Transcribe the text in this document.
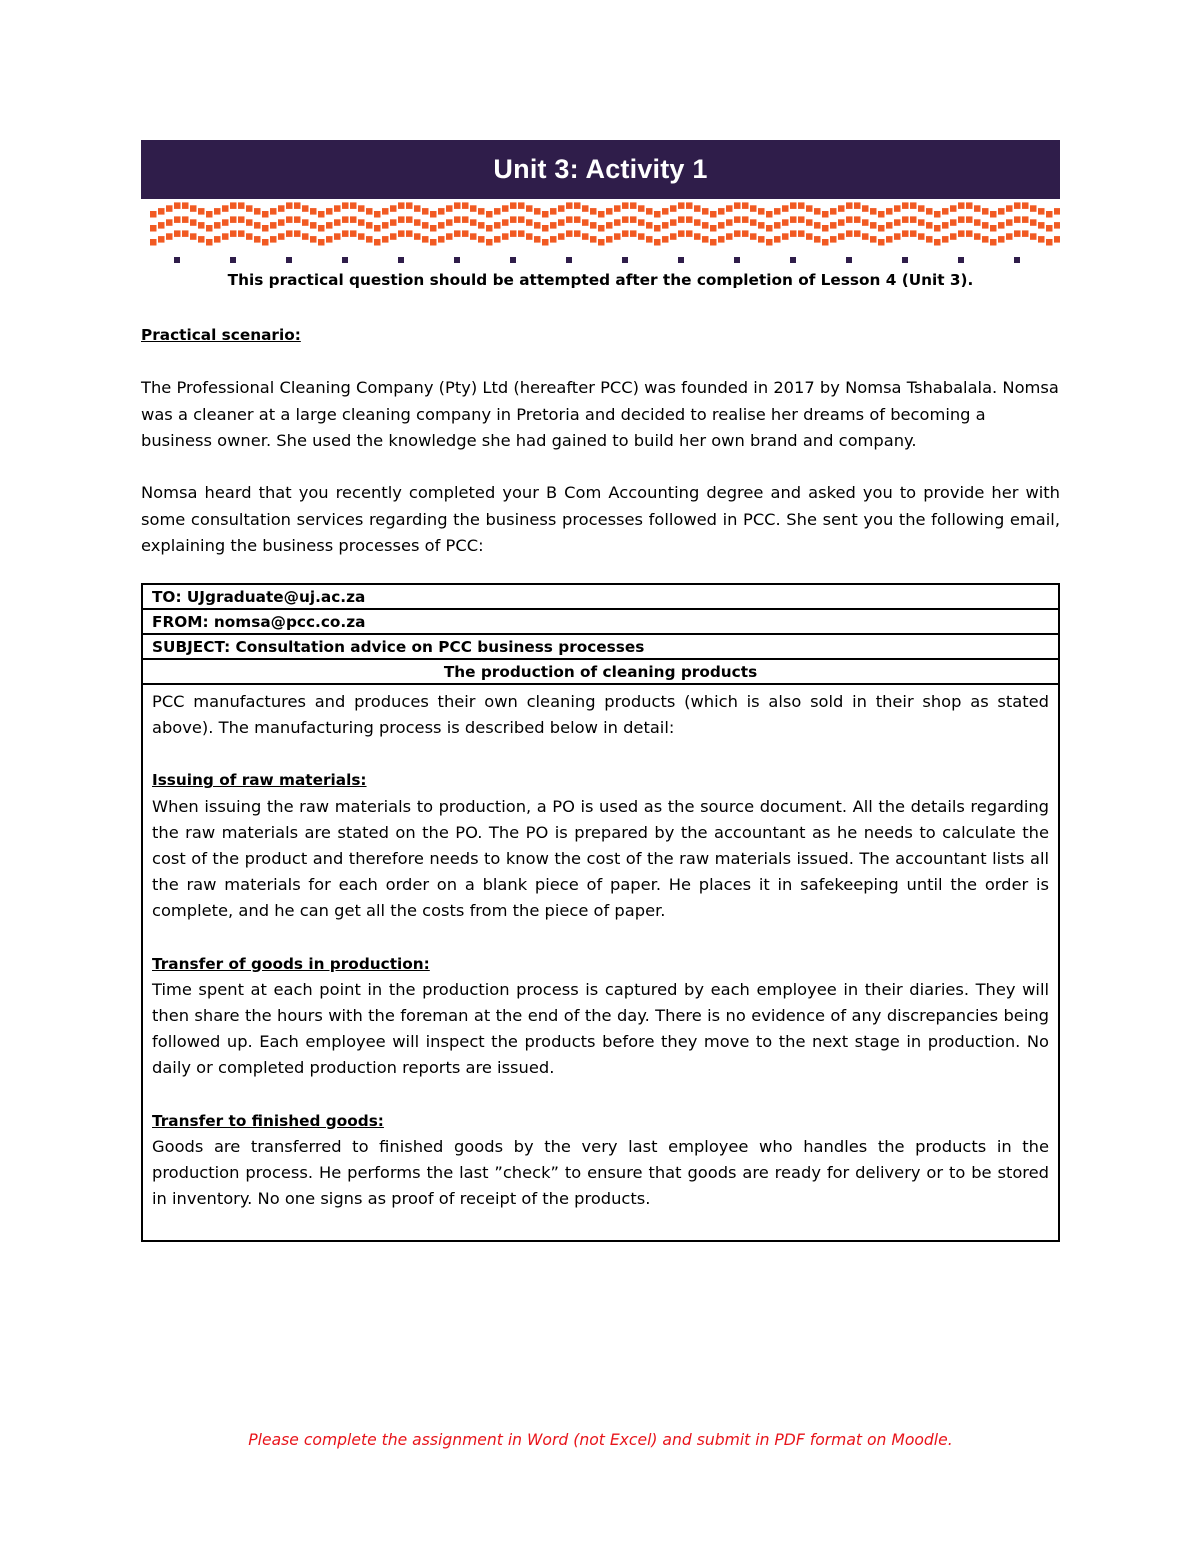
Unit 3: Activity 1
This practical question should be attempted after the completion of Lesson 4 (Unit 3).
Practical scenario:
The Professional Cleaning Company (Pty) Ltd (hereafter PCC) was founded in 2017 by Nomsa Tshabalala. Nomsa was a cleaner at a large cleaning company in Pretoria and decided to realise her dreams of becoming a business owner. She used the knowledge she had gained to build her own brand and company.
Nomsa heard that you recently completed your B Com Accounting degree and asked you to provide her with some consultation services regarding the business processes followed in PCC. She sent you the following email, explaining the business processes of PCC:
TO: UJgraduate@uj.ac.za
FROM: nomsa@pcc.co.za
SUBJECT: Consultation advice on PCC business processes
The production of cleaning products

PCC manufactures and produces their own cleaning products (which is also sold in their shop as stated above). The manufacturing process is described below in detail:

Issuing of raw materials:

When issuing the raw materials to production, a PO is used as the source document. All the details regarding the raw materials are stated on the PO. The PO is prepared by the accountant as he needs to calculate the cost of the product and therefore needs to know the cost of the raw materials issued. The accountant lists all the raw materials for each order on a blank piece of paper. He places it in safekeeping until the order is complete, and he can get all the costs from the piece of paper.

Transfer of goods in production:

Time spent at each point in the production process is captured by each employee in their diaries. They will then share the hours with the foreman at the end of the day. There is no evidence of any discrepancies being followed up. Each employee will inspect the products before they move to the next stage in production. No daily or completed production reports are issued.

Transfer to finished goods:

Goods are transferred to finished goods by the very last employee who handles the products in the production process. He performs the last ”check” to ensure that goods are ready for delivery or to be stored in inventory. No one signs as proof of receipt of the products.

Please complete the assignment in Word (not Excel) and submit in PDF format on Moodle.
